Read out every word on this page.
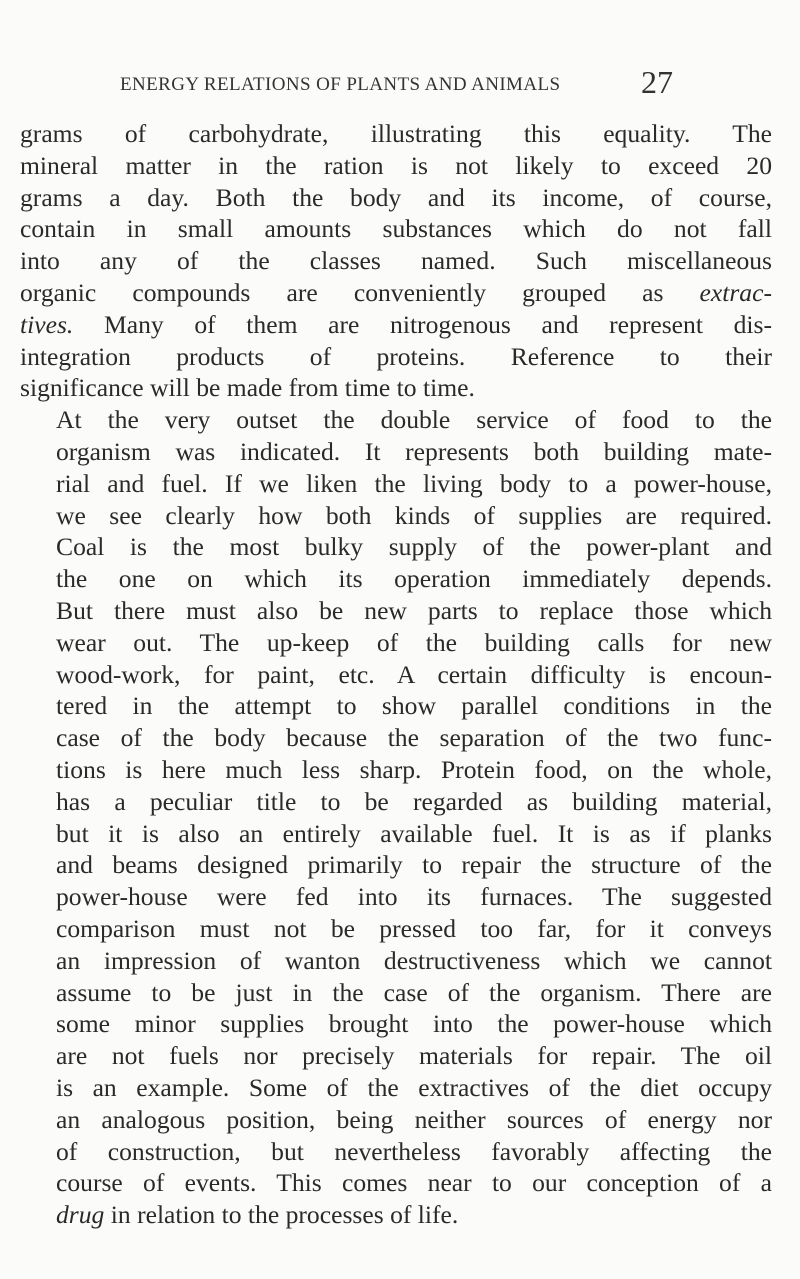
ENERGY RELATIONS OF PLANTS AND ANIMALS	27

grams of carbohydrate, illustrating this equality. The
mineral matter in the ration is not likely to exceed 20
grams a day. Both the body and its income, of course,
contain in small amounts substances which do not fall
into any of the classes named. Such miscellaneous
organic compounds are conveniently grouped as extrac-
tives. Many of them are nitrogenous and represent dis-
integration products of proteins. Reference to their
significance will be made from time to time.

At the very outset the double service of food to the
organism was indicated. It represents both building mate-
rial and fuel. If we liken the living body to a power-house,
we see clearly how both kinds of supplies are required.
Coal is the most bulky supply of the power-plant and
the one on which its operation immediately depends.
But there must also be new parts to replace those which
wear out. The up-keep of the building calls for new
wood-work, for paint, etc. A certain difficulty is encoun-
tered in the attempt to show parallel conditions in the
case of the body because the separation of the two func-
tions is here much less sharp. Protein food, on the whole,
has a peculiar title to be regarded as building material,
but it is also an entirely available fuel. It is as if planks
and beams designed primarily to repair the structure of the
power-house were fed into its furnaces. The suggested
comparison must not be pressed too far, for it conveys
an impression of wanton destructiveness which we cannot
assume to be just in the case of the organism. There are
some minor supplies brought into the power-house which
are not fuels nor precisely materials for repair. The oil
is an example. Some of the extractives of the diet occupy
an analogous position, being neither sources of energy nor
of construction, but nevertheless favorably affecting the
course of events. This comes near to our conception of a
drug in relation to the processes of life.
